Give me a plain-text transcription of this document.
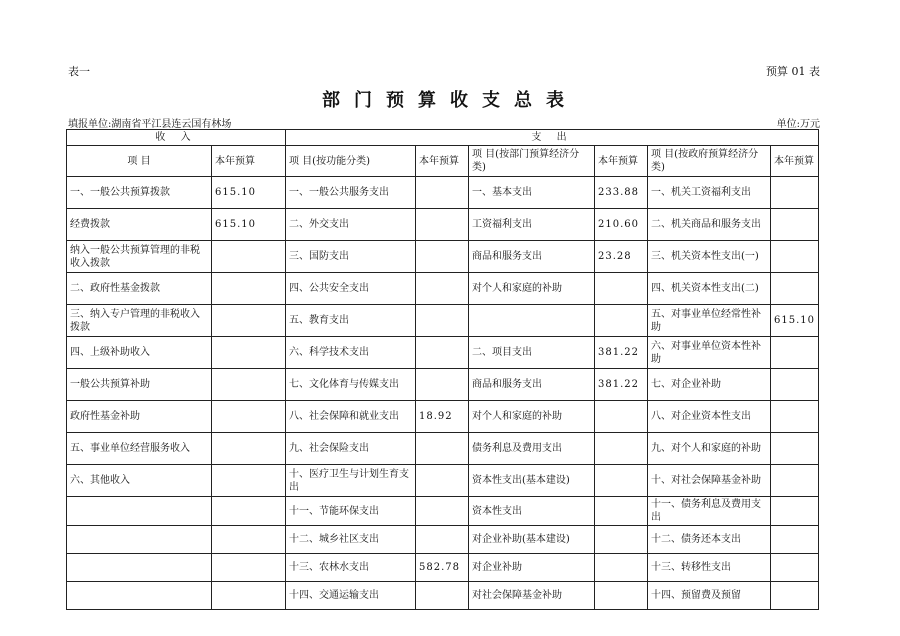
表一	预算 01 表
部门预算收支总表
填报单位:湖南省平江县连云国有林场	单位:万元
收 入		支 出					
项 目	本年预算	项 目(按功能分类)	本年预算	项 目(按部门预算经济分类)	本年预算	项 目(按政府预算经济分类)	本年预算
一、一般公共预算拨款	615.10	一、一般公共服务支出		一、基本支出	233.88	一、机关工资福利支出	
经费拨款	615.10	二、外交支出		工资福利支出	210.60	二、机关商品和服务支出	
纳入一般公共预算管理的非税收入拨款		三、国防支出		商品和服务支出	23.28	三、机关资本性支出(一)	
二、政府性基金拨款		四、公共安全支出		对个人和家庭的补助		四、机关资本性支出(二)	
三、纳入专户管理的非税收入拨款		五、教育支出				五、对事业单位经常性补助	615.10
四、上级补助收入		六、科学技术支出		二、项目支出	381.22	六、对事业单位资本性补助	
一般公共预算补助		七、文化体育与传媒支出		商品和服务支出	381.22	七、对企业补助	
政府性基金补助		八、社会保障和就业支出	18.92	对个人和家庭的补助		八、对企业资本性支出	
五、事业单位经营服务收入		九、社会保险支出		债务利息及费用支出		九、对个人和家庭的补助	
六、其他收入		十、医疗卫生与计划生育支出		资本性支出(基本建设)		十、对社会保障基金补助	
		十一、节能环保支出		资本性支出		十一、债务利息及费用支出	
		十二、城乡社区支出		对企业补助(基本建设)		十二、债务还本支出	
		十三、农林水支出	582.78	对企业补助		十三、转移性支出	
		十四、交通运输支出		对社会保障基金补助		十四、预留费及预留	
